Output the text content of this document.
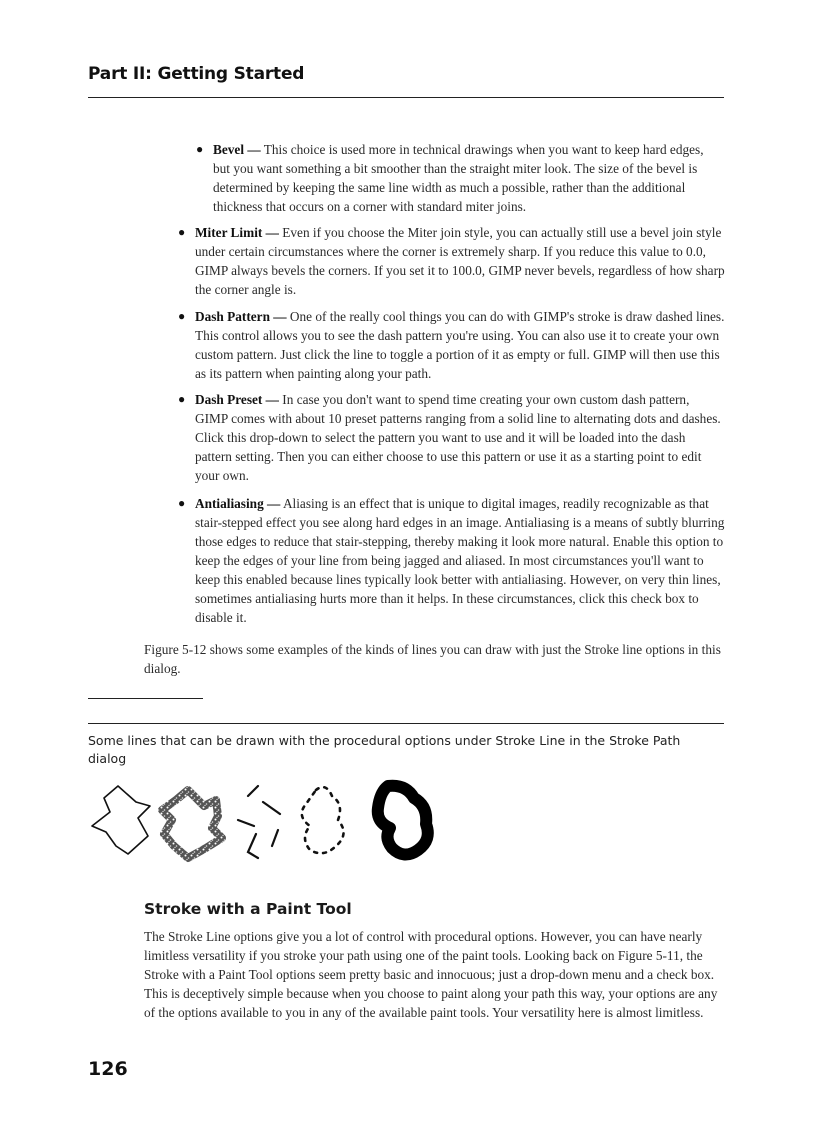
Part II: Getting Started
● Bevel — This choice is used more in technical drawings when you want to keep hard edges, but you want something a bit smoother than the straight miter look. The size of the bevel is determined by keeping the same line width as much a possible, rather than the additional thickness that occurs on a corner with standard miter joins.
● Miter Limit — Even if you choose the Miter join style, you can actually still use a bevel join style under certain circumstances where the corner is extremely sharp. If you reduce this value to 0.0, GIMP always bevels the corners. If you set it to 100.0, GIMP never bevels, regardless of how sharp the corner angle is.
● Dash Pattern — One of the really cool things you can do with GIMP's stroke is draw dashed lines. This control allows you to see the dash pattern you're using. You can also use it to create your own custom pattern. Just click the line to toggle a portion of it as empty or full. GIMP will then use this as its pattern when painting along your path.
● Dash Preset — In case you don't want to spend time creating your own custom dash pattern, GIMP comes with about 10 preset patterns ranging from a solid line to alternating dots and dashes. Click this drop-down to select the pattern you want to use and it will be loaded into the dash pattern setting. Then you can either choose to use this pattern or use it as a starting point to edit your own.
● Antialiasing — Aliasing is an effect that is unique to digital images, readily recognizable as that stair-stepped effect you see along hard edges in an image. Antialiasing is a means of subtly blurring those edges to reduce that stair-stepping, thereby making it look more natural. Enable this option to keep the edges of your line from being jagged and aliased. In most circumstances you'll want to keep this enabled because lines typically look better with antialiasing. However, on very thin lines, sometimes antialiasing hurts more than it helps. In these circumstances, click this check box to disable it.
Figure 5-12 shows some examples of the kinds of lines you can draw with just the Stroke line options in this dialog.
Some lines that can be drawn with the procedural options under Stroke Line in the Stroke Path dialog
Stroke with a Paint Tool
The Stroke Line options give you a lot of control with procedural options. However, you can have nearly limitless versatility if you stroke your path using one of the paint tools. Looking back on Figure 5-11, the Stroke with a Paint Tool options seem pretty basic and innocuous; just a drop-down menu and a check box. This is deceptively simple because when you choose to paint along your path this way, your options are any of the options available to you in any of the available paint tools. Your versatility here is almost limitless.
126
